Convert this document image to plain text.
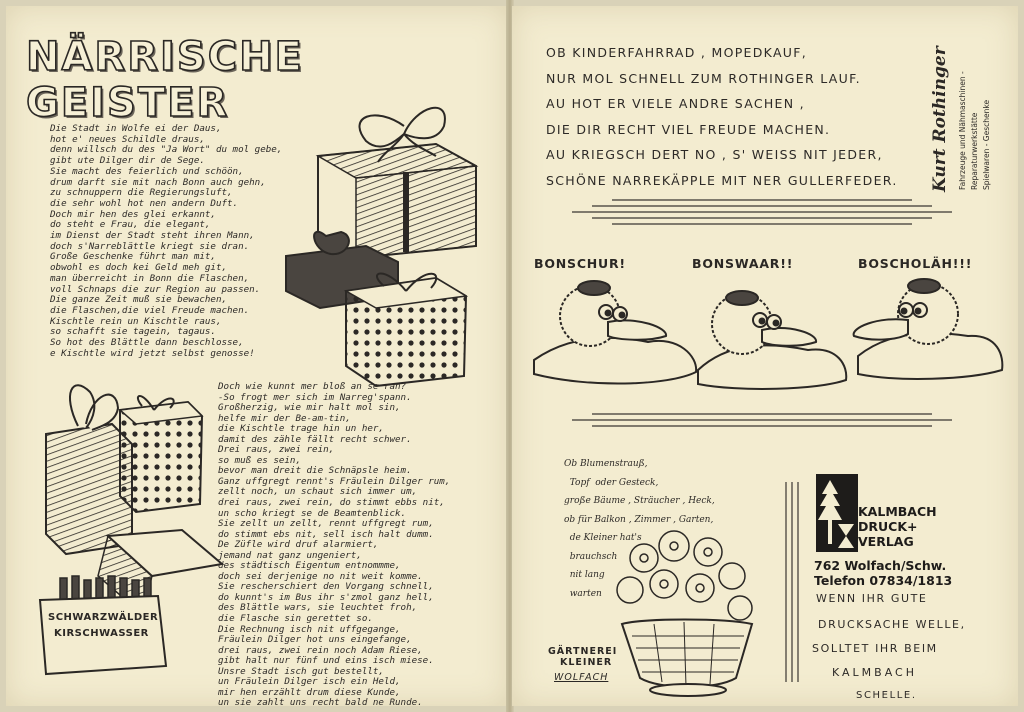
NÄRRISCHE GEISTER
Die Stadt in Wolfe ei der Daus,
hot e' neues Schildle draus,
denn willsch du des "Ja Wort" du mol gebe,
gibt ute Dilger dir de Sege.
Sie macht des feierlich und schöön,
drum darft sie mit nach Bonn auch gehn,
zu schnuppern die Regierungsluft,
die sehr wohl hot nen andern Duft.
Doch mir hen des glei erkannt,
do steht e Frau, die elegant,
im Dienst der Stadt steht ihren Mann,
doch s'Narreblättle kriegt sie dran.
Große Geschenke führt man mit,
obwohl es doch kei Geld meh git,
man überreicht in Bonn die Flaschen,
voll Schnaps die zur Region au passen.
Die ganze Zeit muß sie bewachen,
die Flaschen,die viel Freude machen.
Kischtle rein un Kischtle raus,
so schafft sie tagein, tagaus.
So hot des Blättle dann beschlosse,
e Kischtle wird jetzt selbst genosse!
SCHWARZWÄLDER
KIRSCHWASSER
Doch wie kunnt mer bloß an se ran?
-So frogt mer sich im Narreg'spann.
Großherzig, wie mir halt mol sin,
helfe mir der Be-am-tin,
die Kischtle trage hin un her,
damit des zähle fällt recht schwer.
Drei raus, zwei rein,
so muß es sein,
bevor man dreit die Schnäpsle heim.
Ganz uffgregt rennt's Fräulein Dilger rum,
zellt noch, un schaut sich immer um,
drei raus, zwei rein, do stimmt ebbs nit,
un scho kriegt se de Beamtenblick.
Sie zellt un zellt, rennt uffgregt rum,
do stimmt ebs nit, sell isch halt dumm.
De Züfle wird druf alarmiert,
jemand nat ganz ungeniert,
des städtisch Eigentum entnommme,
doch sei derjenige no nit weit komme.
Sie rescherschiert den Vorgang schnell,
do kunnt's im Bus ihr s'zmol ganz hell,
des Blättle wars, sie leuchtet froh,
die Flasche sin gerettet so.
Die Rechnung isch nit uffgegange,
Fräulein Dilger hot uns eingefange,
drei raus, zwei rein noch Adam Riese,
gibt halt nur fünf und eins isch miese.
Unsre Stadt isch gut bestellt,
un Fräulein Dilger isch ein Held,
mir hen erzählt drum diese Kunde,
un sie zahlt uns recht bald ne Runde.
OB KINDERFAHRRAD , MOPEDKAUF,
NUR MOL SCHNELL ZUM ROTHINGER LAUF.
AU HOT ER VIELE ANDRE SACHEN ,
DIE DIR RECHT VIEL FREUDE MACHEN.
AU KRIEGSCH DERT NO , S' WEISS NIT JEDER,
SCHÖNE NARREKÄPPLE MIT NER GULLERFEDER. Kurt Rothinger Fahrzeuge und Nähmaschinen - Reparaturwerkstätte Spielwaren - Geschenke
BONSCHUR!	BONSWAAR!!	BOSCHOLÄH!!!
Ob Blumenstrauß,
Topf  oder Gesteck,
große Bäume , Sträucher , Heck,
ob für Balkon , Zimmer , Garten,
de Kleiner hat's
brauchsch
nit lang
warten
GÄRTNEREI
KLEINER
WOLFACH
KALMBACH
DRUCK+
VERLAG
762 Wolfach/Schw.
Telefon 07834/1813
WENN IHR GUTE
DRUCKSACHE WELLE,
SOLLTET IHR BEIM
KALMBACH
SCHELLE.
